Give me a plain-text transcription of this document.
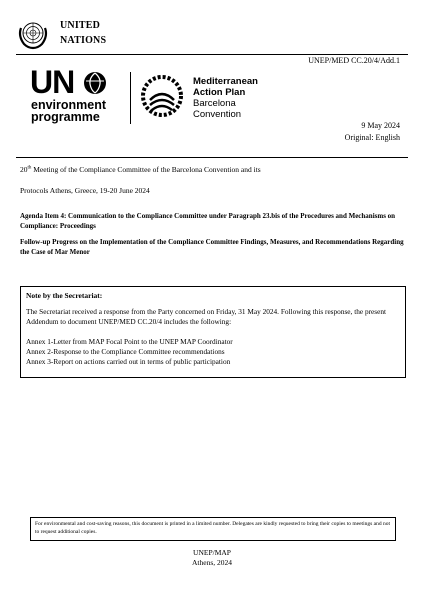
UNITED
NATIONS
UNEP/MED CC.20/4/Add.1
UN
environment
programme
Mediterranean
Action Plan
Barcelona
Convention
9 May 2024
Original: English
20th Meeting of the Compliance Committee of the Barcelona Convention and its
Protocols Athens, Greece, 19-20 June 2024
Agenda Item 4: Communication to the Compliance Committee under Paragraph 23.bis of the Procedures and Mechanisms on Compliance: Proceedings
Follow-up Progress on the Implementation of the Compliance Committee Findings, Measures, and Recommendations Regarding the Case of Mar Menor
Note by the Secretariat:
The Secretariat received a response from the Party concerned on Friday, 31 May 2024. Following this response, the present Addendum to document UNEP/MED CC.20/4 includes the following:
Annex 1-Letter from MAP Focal Point to the UNEP MAP Coordinator
Annex 2-Response to the Compliance Committee recommendations
Annex 3-Report on actions carried out in terms of public participation
For environmental and cost-saving reasons, this document is printed in a limited number. Delegates are kindly requested to bring their copies to meetings and not to request additional copies.
UNEP/MAP
Athens, 2024
